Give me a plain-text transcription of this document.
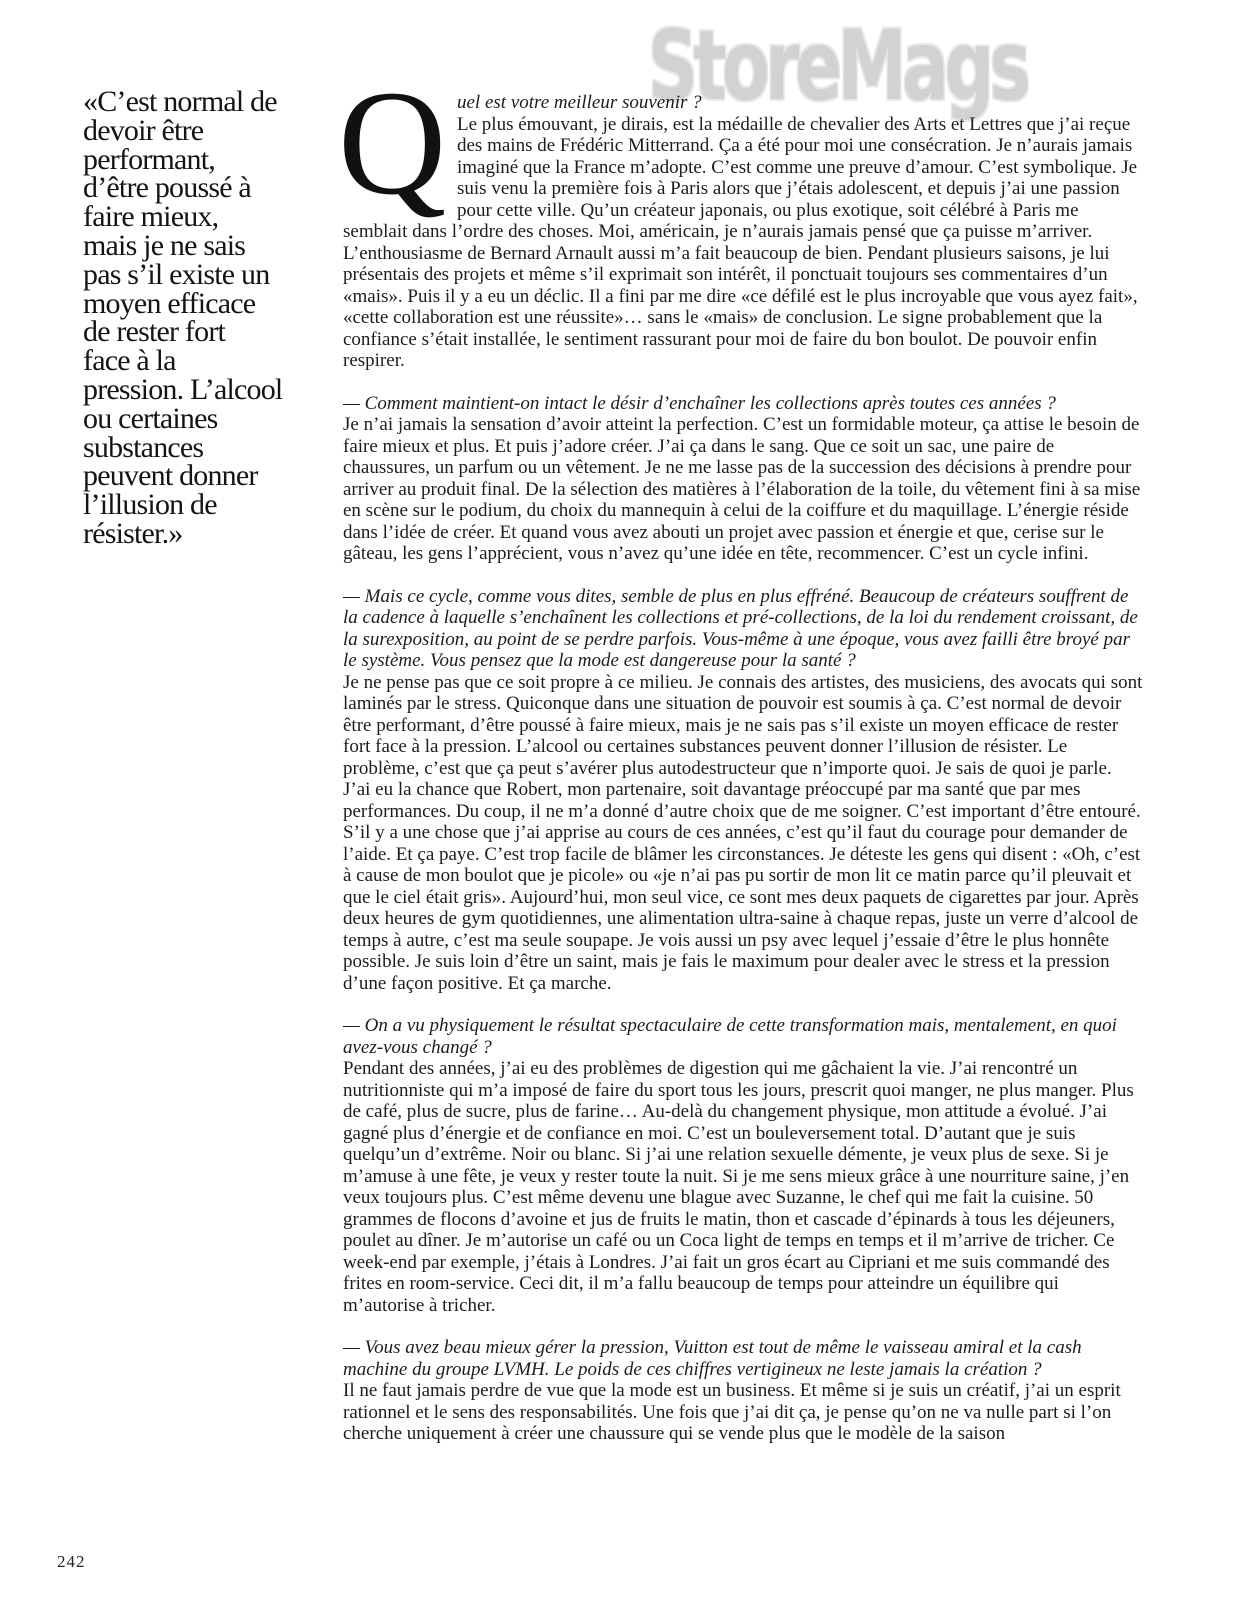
StoreMags
«C’est normal de
devoir être
performant,
d’être poussé à
faire mieux,
mais je ne sais
pas s’il existe un
moyen efficace
de rester fort
face à la
pression. L’alcool
ou certaines
substances
peuvent donner
l’illusion de
résister.»

Q uel est votre meilleur souvenir ?
Le plus émouvant, je dirais, est la médaille de chevalier des Arts et Lettres que j’ai reçue des mains de Frédéric Mitterrand. Ça a été pour moi une consécration. Je n’aurais jamais imaginé que la France m’adopte. C’est comme une preuve d’amour. C’est symbolique. Je suis venu la première fois à Paris alors que j’étais adolescent, et depuis j’ai une passion pour cette ville. Qu’un créateur japonais, ou plus exotique, soit célébré à Paris me semblait dans l’ordre des choses. Moi, américain, je n’aurais jamais pensé que ça puisse m’arriver. L’enthousiasme de Bernard Arnault aussi m’a fait beaucoup de bien. Pendant plusieurs saisons, je lui présentais des projets et même s’il exprimait son intérêt, il ponctuait toujours ses commentaires d’un «mais». Puis il y a eu un déclic. Il a fini par me dire «ce défilé est le plus incroyable que vous ayez fait», «cette collaboration est une réussite»… sans le «mais» de conclusion. Le signe probablement que la confiance s’était installée, le sentiment rassurant pour moi de faire du bon boulot. De pouvoir enfin respirer.

— Comment maintient-on intact le désir d’enchaîner les collections après toutes ces années ?

Je n’ai jamais la sensation d’avoir atteint la perfection. C’est un formidable moteur, ça attise le besoin de faire mieux et plus. Et puis j’adore créer. J’ai ça dans le sang. Que ce soit un sac, une paire de chaussures, un parfum ou un vêtement. Je ne me lasse pas de la succession des décisions à prendre pour arriver au produit final. De la sélection des matières à l’élaboration de la toile, du vêtement fini à sa mise en scène sur le podium, du choix du mannequin à celui de la coiffure et du maquillage. L’énergie réside dans l’idée de créer. Et quand vous avez abouti un projet avec passion et énergie et que, cerise sur le gâteau, les gens l’apprécient, vous n’avez qu’une idée en tête, recommencer. C’est un cycle infini.

— Mais ce cycle, comme vous dites, semble de plus en plus effréné. Beaucoup de créateurs souffrent de la cadence à laquelle s’enchaînent les collections et pré-collections, de la loi du rendement croissant, de la surexposition, au point de se perdre parfois. Vous-même à une époque, vous avez failli être broyé par le système. Vous pensez que la mode est dangereuse pour la santé ?

Je ne pense pas que ce soit propre à ce milieu. Je connais des artistes, des musiciens, des avocats qui sont laminés par le stress. Quiconque dans une situation de pouvoir est soumis à ça. C’est normal de devoir être performant, d’être poussé à faire mieux, mais je ne sais pas s’il existe un moyen efficace de rester fort face à la pression. L’alcool ou certaines substances peuvent donner l’illusion de résister. Le problème, c’est que ça peut s’avérer plus autodestructeur que n’importe quoi. Je sais de quoi je parle. J’ai eu la chance que Robert, mon partenaire, soit davantage préoccupé par ma santé que par mes performances. Du coup, il ne m’a donné d’autre choix que de me soigner. C’est important d’être entouré. S’il y a une chose que j’ai apprise au cours de ces années, c’est qu’il faut du courage pour demander de l’aide. Et ça paye. C’est trop facile de blâmer les circonstances. Je déteste les gens qui disent : «Oh, c’est à cause de mon boulot que je picole» ou «je n’ai pas pu sortir de mon lit ce matin parce qu’il pleuvait et que le ciel était gris». Aujourd’hui, mon seul vice, ce sont mes deux paquets de cigarettes par jour. Après deux heures de gym quotidiennes, une alimentation ultra-saine à chaque repas, juste un verre d’alcool de temps à autre, c’est ma seule soupape. Je vois aussi un psy avec lequel j’essaie d’être le plus honnête possible. Je suis loin d’être un saint, mais je fais le maximum pour dealer avec le stress et la pression d’une façon positive. Et ça marche.

— On a vu physiquement le résultat spectaculaire de cette transformation mais, mentalement, en quoi avez-vous changé ?

Pendant des années, j’ai eu des problèmes de digestion qui me gâchaient la vie. J’ai rencontré un nutritionniste qui m’a imposé de faire du sport tous les jours, prescrit quoi manger, ne plus manger. Plus de café, plus de sucre, plus de farine… Au-delà du changement physique, mon attitude a évolué. J’ai gagné plus d’énergie et de confiance en moi. C’est un bouleversement total. D’autant que je suis quelqu’un d’extrême. Noir ou blanc. Si j’ai une relation sexuelle démente, je veux plus de sexe. Si je m’amuse à une fête, je veux y rester toute la nuit. Si je me sens mieux grâce à une nourriture saine, j’en veux toujours plus. C’est même devenu une blague avec Suzanne, le chef qui me fait la cuisine. 50 grammes de flocons d’avoine et jus de fruits le matin, thon et cascade d’épinards à tous les déjeuners, poulet au dîner. Je m’autorise un café ou un Coca light de temps en temps et il m’arrive de tricher. Ce week-end par exemple, j’étais à Londres. J’ai fait un gros écart au Cipriani et me suis commandé des frites en room-service. Ceci dit, il m’a fallu beaucoup de temps pour atteindre un équilibre qui m’autorise à tricher.

— Vous avez beau mieux gérer la pression, Vuitton est tout de même le vaisseau amiral et la cash machine du groupe LVMH. Le poids de ces chiffres vertigineux ne leste jamais la création ?

Il ne faut jamais perdre de vue que la mode est un business. Et même si je suis un créatif, j’ai un esprit rationnel et le sens des responsabilités. Une fois que j’ai dit ça, je pense qu’on ne va nulle part si l’on cherche uniquement à créer une chaussure qui se vende plus que le modèle de la saison

242
